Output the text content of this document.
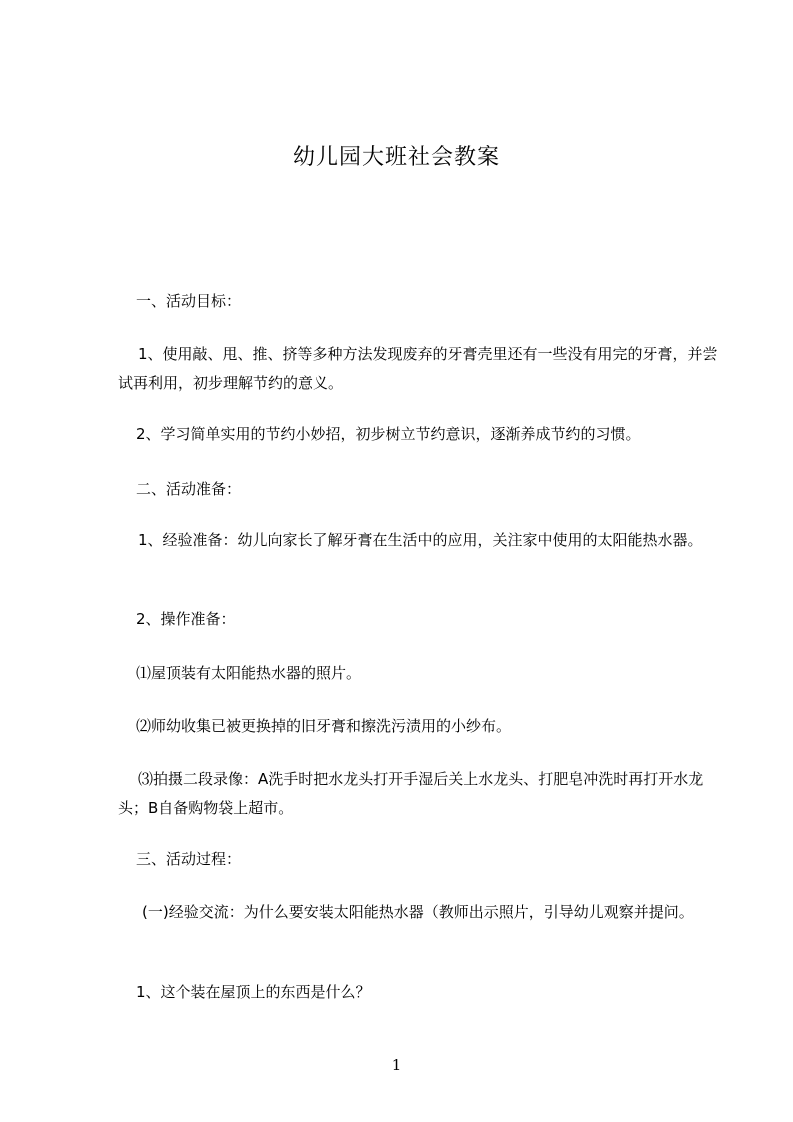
幼儿园大班社会教案
一、活动目标：
1、使用敲、甩、推、挤等多种方法发现废弃的牙膏壳里还有一些没有用完的牙膏，并尝试再利用，初步理解节约的意义。
2、学习简单实用的节约小妙招，初步树立节约意识，逐渐养成节约的习惯。
二、活动准备：
1、经验准备：幼儿向家长了解牙膏在生活中的应用，关注家中使用的太阳能热水器。
2、操作准备：
⑴屋顶装有太阳能热水器的照片。
⑵师幼收集已被更换掉的旧牙膏和擦洗污渍用的小纱布。
⑶拍摄二段录像：A洗手时把水龙头打开手湿后关上水龙头、打肥皂冲洗时再打开水龙头；B自备购物袋上超市。
三、活动过程：
(一)经验交流：为什么要安装太阳能热水器（教师出示照片，引导幼儿观察并提问。
1、这个装在屋顶上的东西是什么？
1
